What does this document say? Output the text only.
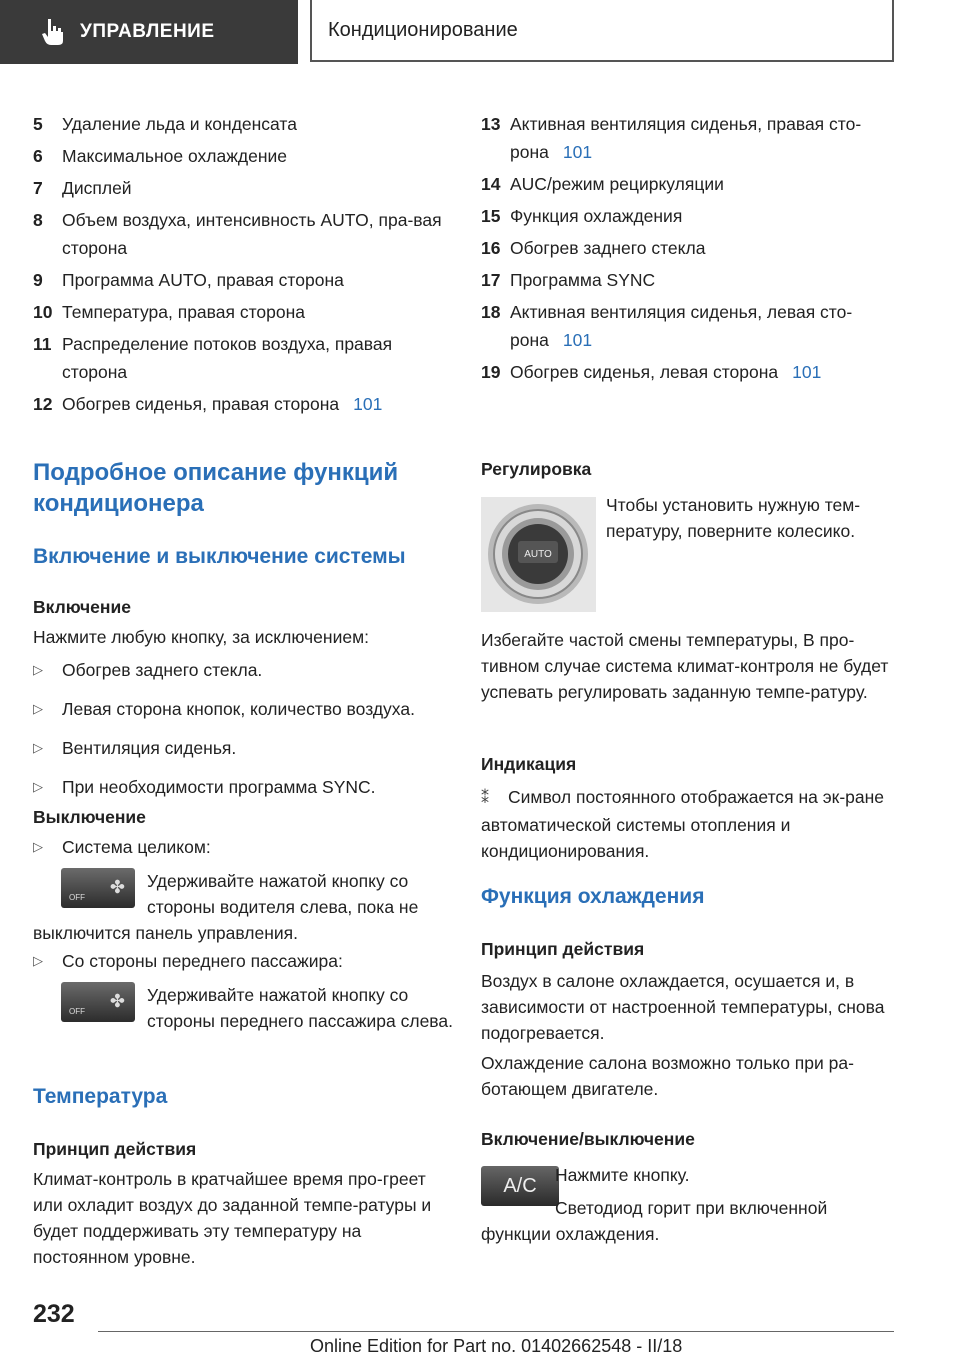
УПРАВЛЕНИЕ	Кондиционирование
5	Удаление льда и конденсата
6	Максимальное охлаждение
7	Дисплей
8	Объем воздуха, интенсивность AUTO, пра-вая сторона
9	Программа AUTO, правая сторона
10 Температура, правая сторона
11 Распределение потоков воздуха, правая сторона
12 Обогрев сиденья, правая сторона 101
Подробное описание функций кондиционера
Включение и выключение системы
Включение

Нажмите любую кнопку, за исключением:

▷	Обогрев заднего стекла.
▷	Левая сторона кнопок, количество воздуха.
▷	Вентиляция сиденья.
▷	При необходимости программа SYNC.
Выключение
▷	Система целиком:
OFF
✤	Удерживайте нажатой кнопку со стороны водителя слева, пока не выключится панель управления.

▷	Со стороны переднего пассажира:
OFF
✤	Удерживайте нажатой кнопку со стороны переднего пассажира слева.

Температура
Принцип действия

Климат-контроль в кратчайшее время про-греет или охладит воздух до заданной темпе-ратуры и будет поддерживать эту температуру на постоянном уровне.

13 Активная вентиляция сиденья, правая сто-рона 101
14 AUC/режим рециркуляции
15 Функция охлаждения
16 Обогрев заднего стекла
17 Программа SYNC
18 Активная вентиляция сиденья, левая сто-рона 101
19 Обогрев сиденья, левая сторона 101
Регулировка
AUTO

Чтобы установить нужную тем-пературу, поверните колесико.

Избегайте частой смены температуры, В про-тивном случае система климат-контроля не будет успевать регулировать заданную темпе-ратуру.

Индикация

⁑ Символ постоянного отображается на эк-ране автоматической системы отопления и кондиционирования.

Функция охлаждения
Принцип действия

Воздух в салоне охлаждается, осушается и, в зависимости от настроенной температуры, снова подогревается.

Охлаждение салона возможно только при ра-ботающем двигателе.

Включение/выключение
A/C	Нажмите кнопку.

Светодиод горит при включенной функции охлаждения.

232
Online Edition for Part no. 01402662548 - II/18
